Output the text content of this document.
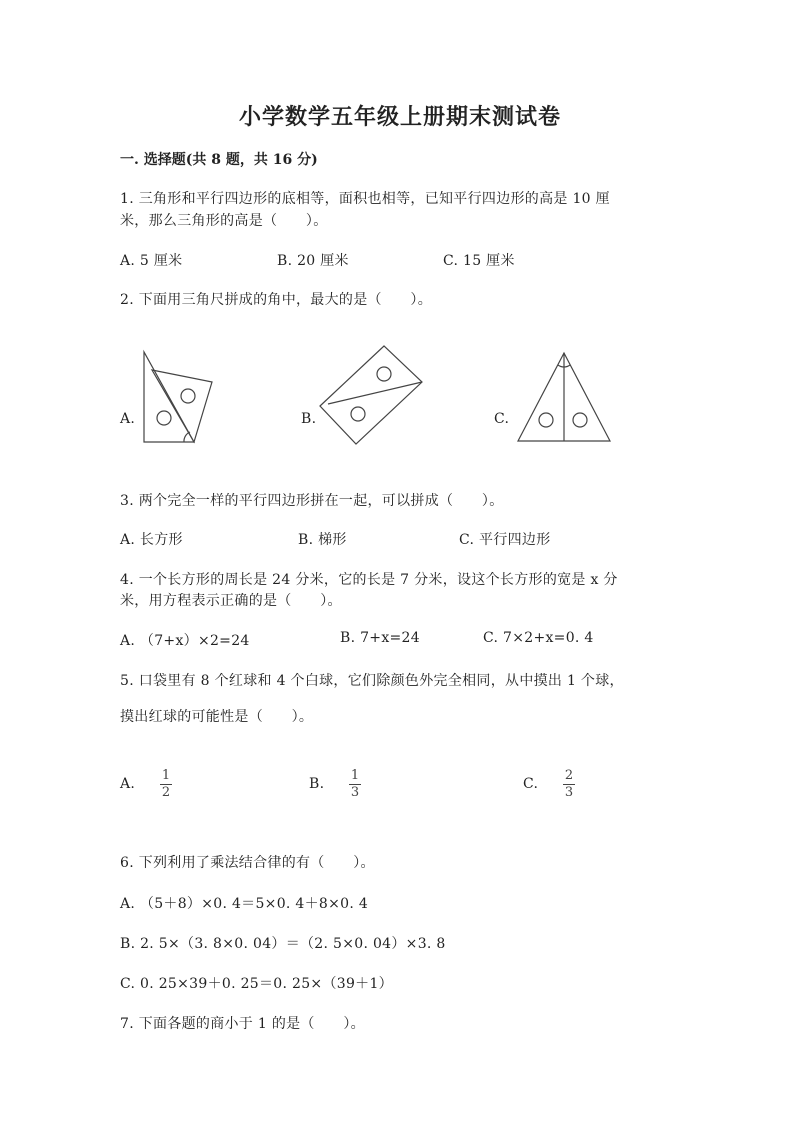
小学数学五年级上册期末测试卷
一. 选择题(共 8 题，共 16 分)
1. 三角形和平行四边形的底相等，面积也相等，已知平行四边形的高是 10 厘
米，那么三角形的高是（　　）。
A. 5 厘米	B. 20 厘米	C. 15 厘米
2. 下面用三角尺拼成的角中，最大的是（　　）。
A.	B.	C.
3. 两个完全一样的平行四边形拼在一起，可以拼成（　　）。
A. 长方形	B. 梯形	C. 平行四边形
4. 一个长方形的周长是 24 分米，它的长是 7 分米，设这个长方形的宽是 x 分
米，用方程表示正确的是（　　）。
A. （7+x）×2=24	B. 7+x=24	C. 7×2+x=0. 4
5. 口袋里有 8 个红球和 4 个白球，它们除颜色外完全相同，从中摸出 1 个球，
摸出红球的可能性是（　　）。
A.
1
2
B.
1
3
C.
2
3
6. 下列利用了乘法结合律的有（　　）。
A. （5＋8）×0. 4＝5×0. 4＋8×0. 4
B. 2. 5×（3. 8×0. 04）＝（2. 5×0. 04）×3. 8
C. 0. 25×39＋0. 25＝0. 25×（39＋1）
7. 下面各题的商小于 1 的是（　　）。
